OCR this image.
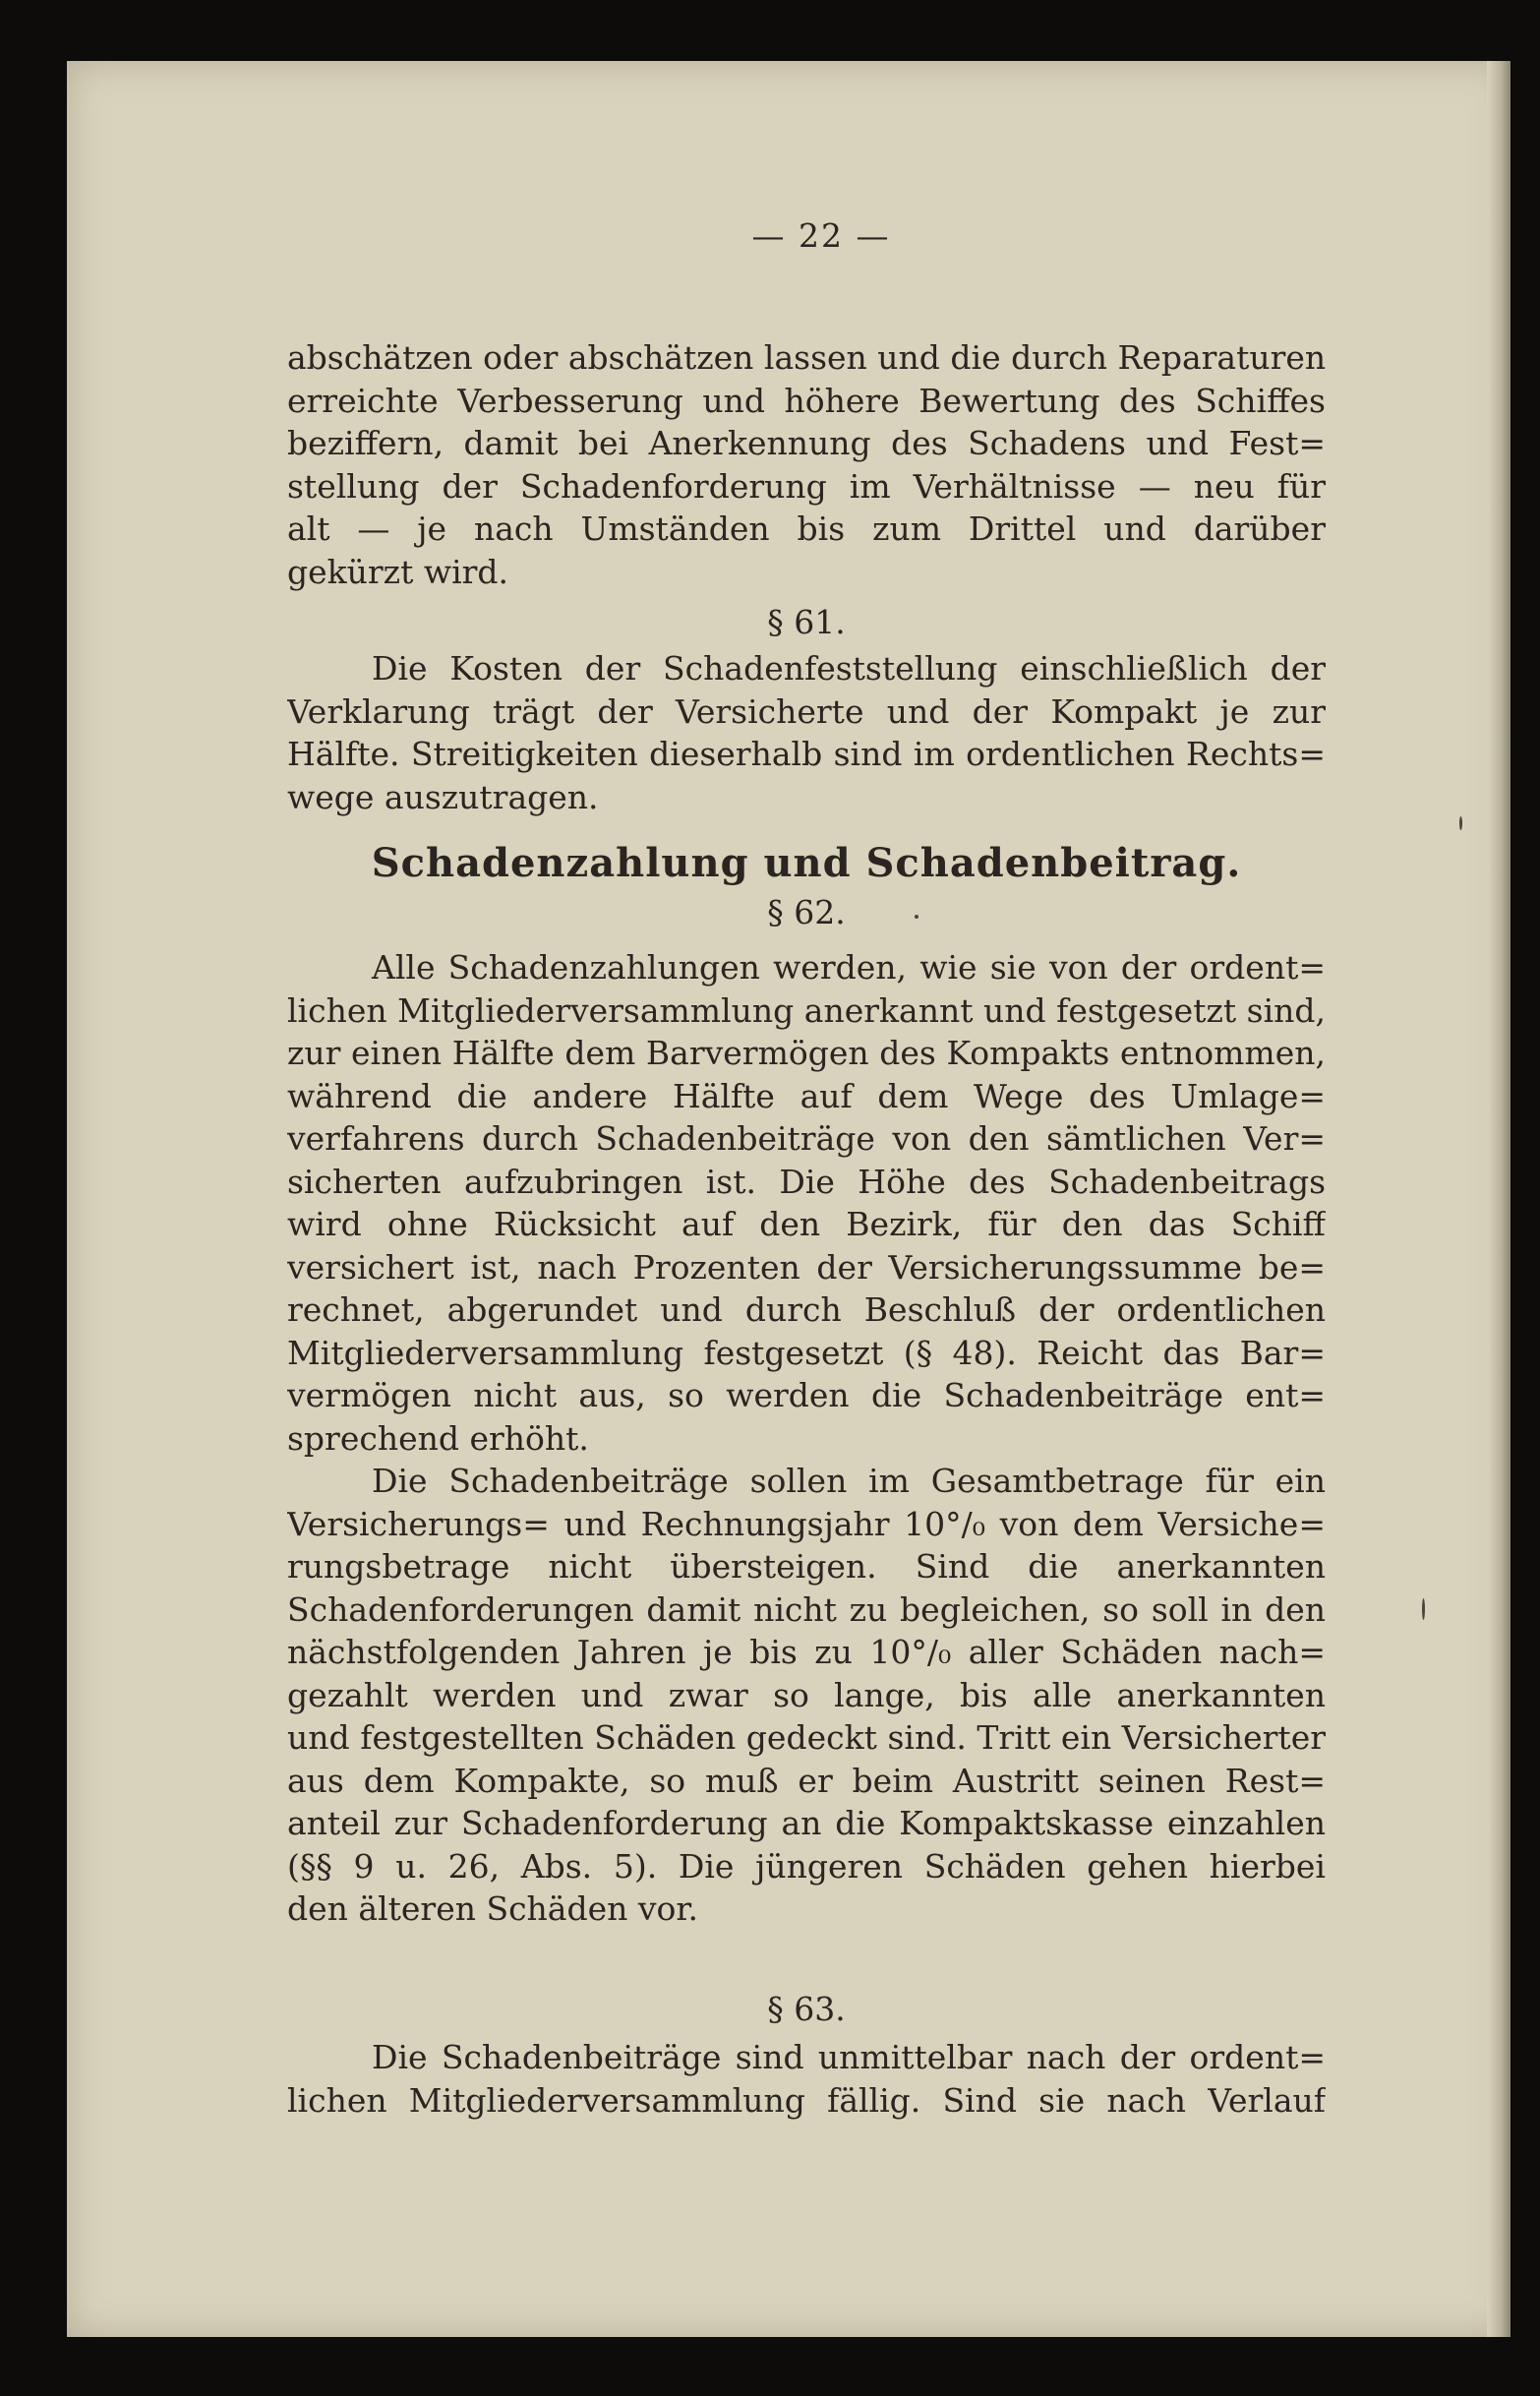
— 22 —
abschätzen oder abschätzen lassen und die durch Reparaturen
erreichte Verbesserung und höhere Bewertung des Schiffes
beziffern, damit bei Anerkennung des Schadens und Fest=
stellung der Schadenforderung im Verhältnisse — neu für
alt — je nach Umständen bis zum Drittel und darüber
gekürzt wird.
§ 61.
Die Kosten der Schadenfeststellung einschließlich der
Verklarung trägt der Versicherte und der Kompakt je zur
Hälfte. Streitigkeiten dieserhalb sind im ordentlichen Rechts=
wege auszutragen.
Schadenzahlung und Schadenbeitrag.
§ 62.
Alle Schadenzahlungen werden, wie sie von der ordent=
lichen Mitgliederversammlung anerkannt und festgesetzt sind,
zur einen Hälfte dem Barvermögen des Kompakts entnommen,
während die andere Hälfte auf dem Wege des Umlage=
verfahrens durch Schadenbeiträge von den sämtlichen Ver=
sicherten aufzubringen ist. Die Höhe des Schadenbeitrags
wird ohne Rücksicht auf den Bezirk, für den das Schiff
versichert ist, nach Prozenten der Versicherungssumme be=
rechnet, abgerundet und durch Beschluß der ordentlichen
Mitgliederversammlung festgesetzt (§ 48). Reicht das Bar=
vermögen nicht aus, so werden die Schadenbeiträge ent=
sprechend erhöht.
Die Schadenbeiträge sollen im Gesamtbetrage für ein
Versicherungs= und Rechnungsjahr 10°/₀ von dem Versiche=
rungsbetrage nicht übersteigen. Sind die anerkannten
Schadenforderungen damit nicht zu begleichen, so soll in den
nächstfolgenden Jahren je bis zu 10°/₀ aller Schäden nach=
gezahlt werden und zwar so lange, bis alle anerkannten
und festgestellten Schäden gedeckt sind. Tritt ein Versicherter
aus dem Kompakte, so muß er beim Austritt seinen Rest=
anteil zur Schadenforderung an die Kompaktskasse einzahlen
(§§ 9 u. 26, Abs. 5). Die jüngeren Schäden gehen hierbei
den älteren Schäden vor.
§ 63.
Die Schadenbeiträge sind unmittelbar nach der ordent=
lichen Mitgliederversammlung fällig. Sind sie nach Verlauf
